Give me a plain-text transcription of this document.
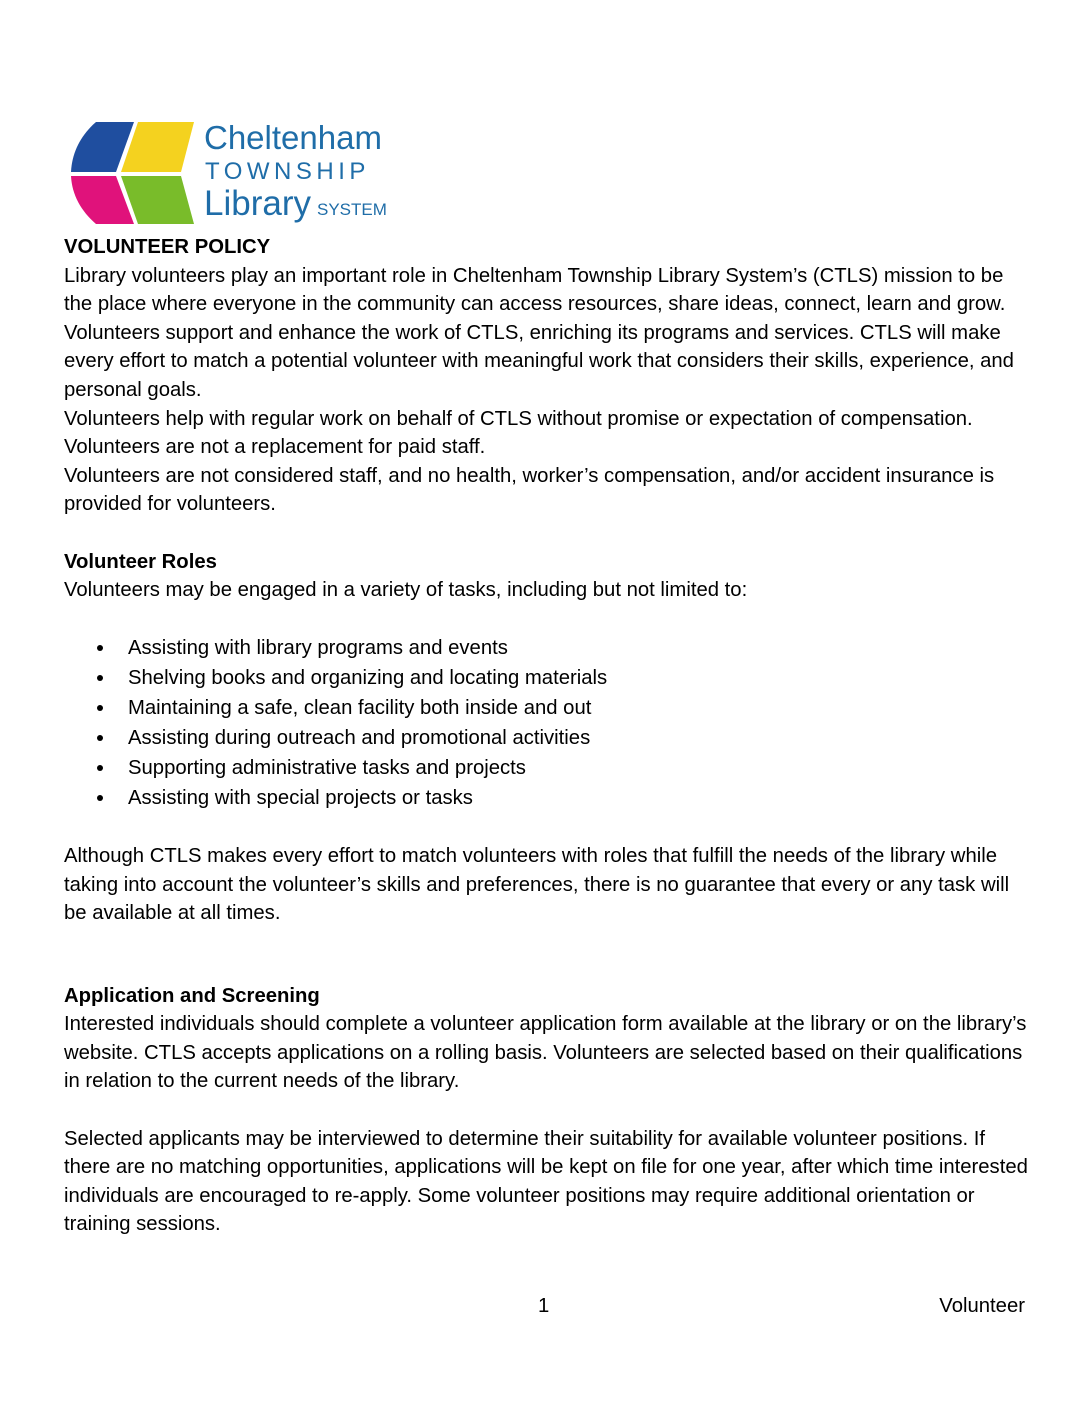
Cheltenham
TOWNSHIP
Library SYSTEM

VOLUNTEER POLICY

Library volunteers play an important role in Cheltenham Township Library System’s (CTLS) mission to be the place where everyone in the community can access resources, share ideas, connect, learn and grow. Volunteers support and enhance the work of CTLS, enriching its programs and services. CTLS will make every effort to match a potential volunteer with meaningful work that considers their skills, experience, and personal goals.

Volunteers help with regular work on behalf of CTLS without promise or expectation of compensation. Volunteers are not a replacement for paid staff.

Volunteers are not considered staff, and no health, worker’s compensation, and/or accident insurance is provided for volunteers.

Volunteer Roles

Volunteers may be engaged in a variety of tasks, including but not limited to:

Assisting with library programs and events
Shelving books and organizing and locating materials
Maintaining a safe, clean facility both inside and out
Assisting during outreach and promotional activities
Supporting administrative tasks and projects
Assisting with special projects or tasks

Although CTLS makes every effort to match volunteers with roles that fulfill the needs of the library while taking into account the volunteer’s skills and preferences, there is no guarantee that every or any task will be available at all times.

Application and Screening

Interested individuals should complete a volunteer application form available at the library or on the library’s website. CTLS accepts applications on a rolling basis. Volunteers are selected based on their qualifications in relation to the current needs of the library.

Selected applicants may be interviewed to determine their suitability for available volunteer positions. If there are no matching opportunities, applications will be kept on file for one year, after which time interested individuals are encouraged to re-apply. Some volunteer positions may require additional orientation or training sessions.

1	Volunteer
